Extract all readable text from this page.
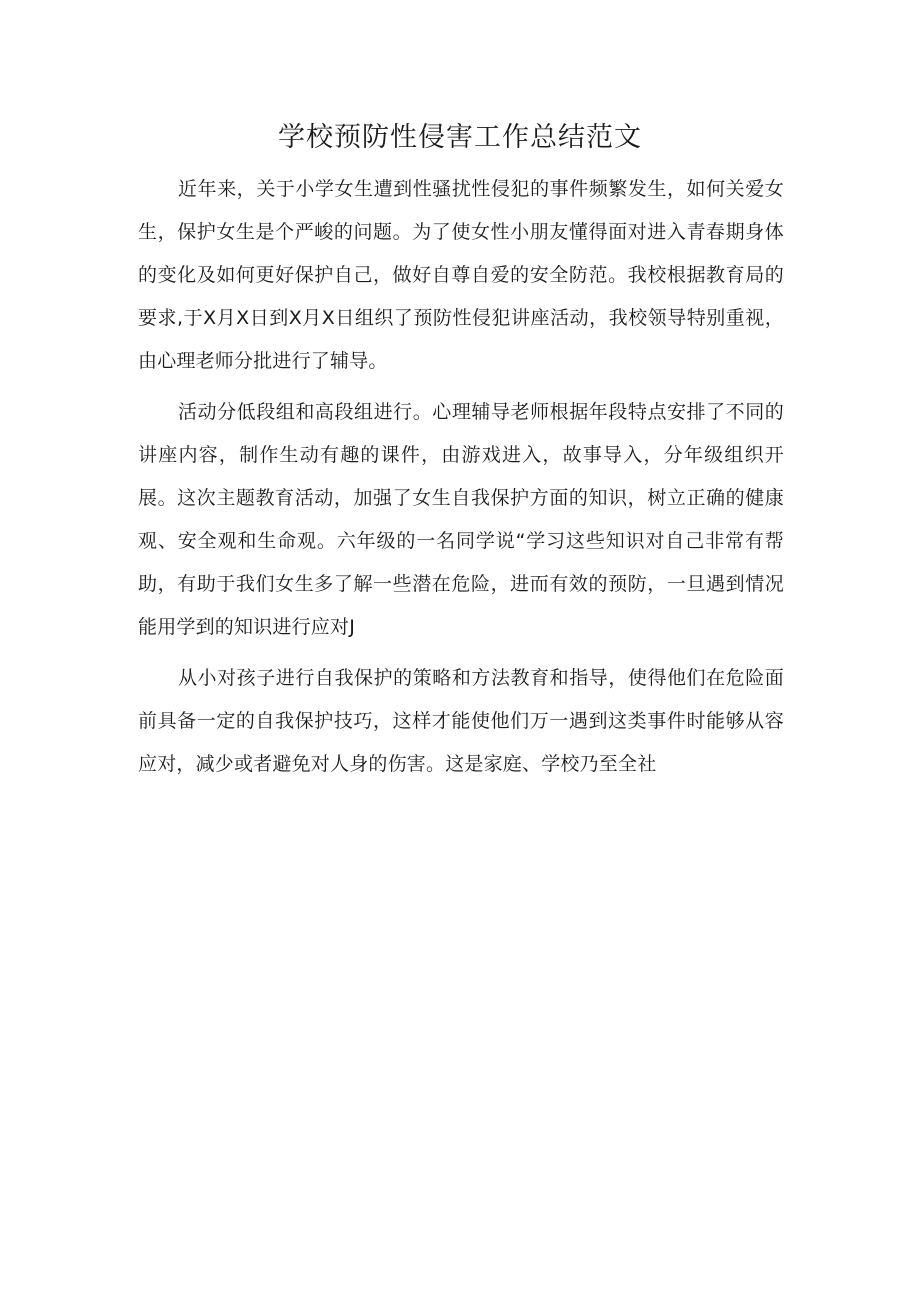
学校预防性侵害工作总结范文

近年来，关于小学女生遭到性骚扰性侵犯的事件频繁发生，如何关爱女生，保护女生是个严峻的问题。为了使女性小朋友懂得面对进入青春期身体的变化及如何更好保护自己，做好自尊自爱的安全防范。我校根据教育局的要求,于X月X日到X月X日组织了预防性侵犯讲座活动，我校领导特别重视，由心理老师分批进行了辅导。

活动分低段组和高段组进行。心理辅导老师根据年段特点安排了不同的讲座内容，制作生动有趣的课件，由游戏进入，故事导入，分年级组织开展。这次主题教育活动，加强了女生自我保护方面的知识，树立正确的健康观、安全观和生命观。六年级的一名同学说“学习这些知识对自己非常有帮助，有助于我们女生多了解一些潜在危险，进而有效的预防，一旦遇到情况能用学到的知识进行应对J

从小对孩子进行自我保护的策略和方法教育和指导，使得他们在危险面前具备一定的自我保护技巧，这样才能使他们万一遇到这类事件时能够从容应对，减少或者避免对人身的伤害。这是家庭、学校乃至全社
